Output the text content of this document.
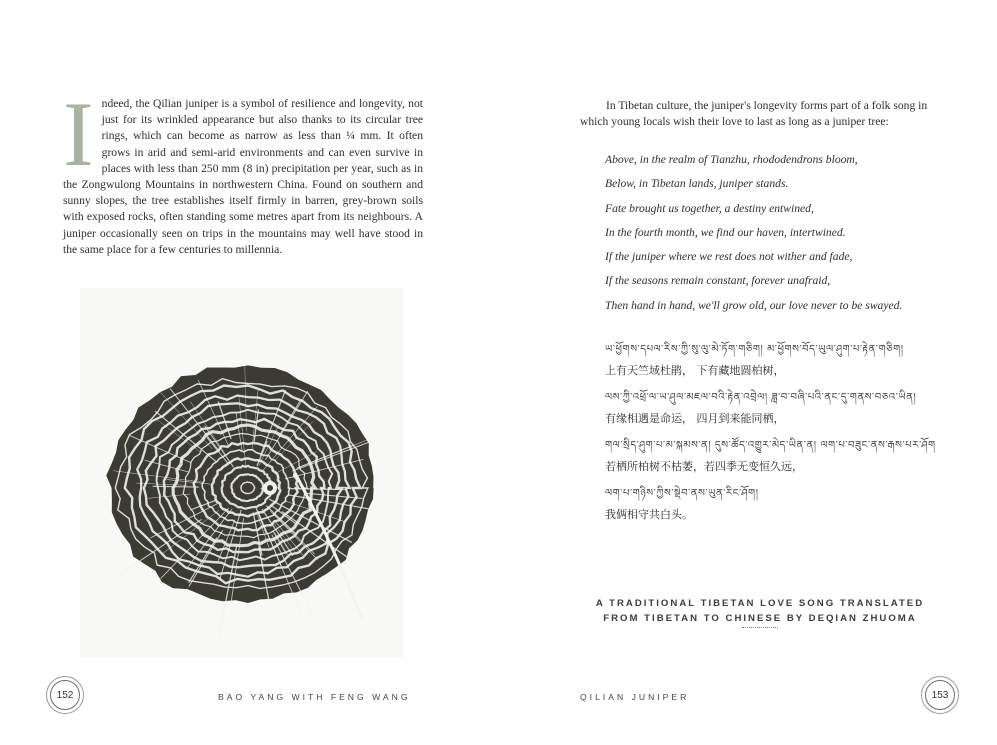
Indeed, the Qilian juniper is a symbol of resilience and longevity, not just for its wrinkled appearance but also thanks to its circular tree rings, which can become as narrow as less than ¼ mm. It often grows in arid and semi-arid environments and can even survive in places with less than 250 mm (8 in) precipitation per year, such as in the Zongwulong Mountains in northwestern China. Found on southern and sunny slopes, the tree establishes itself firmly in barren, grey-brown soils with exposed rocks, often standing some metres apart from its neighbours. A juniper occasionally seen on trips in the mountains may well have stood in the same place for a few centuries to millennia.
152	BAO YANG WITH FENG WANG
In Tibetan culture, the juniper's longevity forms part of a folk song in which young locals wish their love to last as long as a juniper tree:
Above, in the realm of Tianzhu, rhododendrons bloom,
Below, in Tibetan lands, juniper stands.
Fate brought us together, a destiny entwined,
In the fourth month, we find our haven, intertwined.
If the juniper where we rest does not wither and fade,
If the seasons remain constant, forever unafraid,
Then hand in hand, we'll grow old, our love never to be swayed.
ཡ་ཕྱོགས་དཔལ་རིས་ཀྱི་སུ་ལུ་མེ་ཏོག་གཅིག། མ་ཕྱོགས་བོད་ཡུལ་ཤུག་པ་རྟེན་གཅིག།
上有天竺域杜鹃， 下有藏地圆柏树，
ལས་ཀྱི་འཕྲོ་ལ་ཡ་ཤུལ་མཇལ་བའི་རྟེན་འབྲེལ། ཟླ་བ་བཞི་པའི་ནང་དུ་གནས་བཅའ་ཡིན།
有缘相遇是命运， 四月到来能同栖，
གལ་སྲིད་ཤུག་པ་མ་སྐམས་ན། དུས་ཚོད་འགྱུར་མེད་ཡིན་ན། ལག་པ་བཟུང་ནས་རྒས་པར་ཤོག
若栖所柏树不枯萎，若四季无变恒久远，
ལག་པ་གཉིས་ཀྱིས་སྡེབ་ནས་ཡུན་རིང་ཤོག།
我俩相守共白头。
A TRADITIONAL TIBETAN LOVE SONG TRANSLATED
FROM TIBETAN TO CHINESE BY DEQIAN ZHUOMA
QILIAN JUNIPER	153
